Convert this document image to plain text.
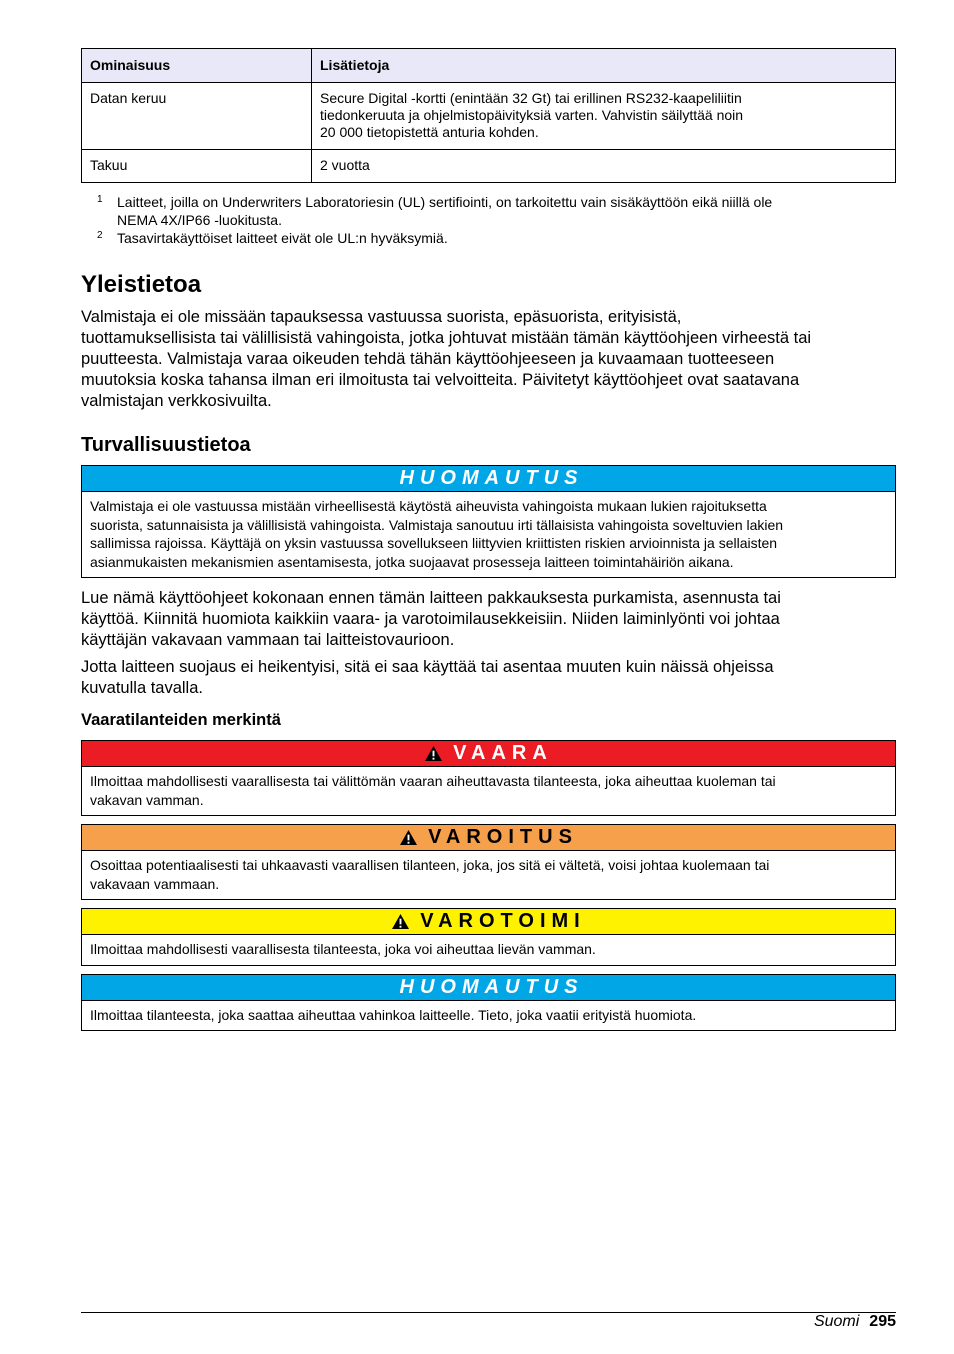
Ominaisuus	Lisätietoja
Datan keruu	Secure Digital -kortti (enintään 32 Gt) tai erillinen RS232-kaapeliliitin
tiedonkeruuta ja ohjelmistopäivityksiä varten. Vahvistin säilyttää noin
20 000 tietopistettä anturia kohden.
Takuu	2 vuotta
1	Laitteet, joilla on Underwriters Laboratoriesin (UL) sertifiointi, on tarkoitettu vain sisäkäyttöön eikä niillä ole
NEMA 4X/IP66 -luokitusta.
2	Tasavirtakäyttöiset laitteet eivät ole UL:n hyväksymiä.
Yleistietoa

Valmistaja ei ole missään tapauksessa vastuussa suorista, epäsuorista, erityisistä,
tuottamuksellisista tai välillisistä vahingoista, jotka johtuvat mistään tämän käyttöohjeen virheestä tai
puutteesta. Valmistaja varaa oikeuden tehdä tähän käyttöohjeeseen ja kuvaamaan tuotteeseen
muutoksia koska tahansa ilman eri ilmoitusta tai velvoitteita. Päivitetyt käyttöohjeet ovat saatavana
valmistajan verkkosivuilta.

Turvallisuustietoa
HUOMAUTUS
Valmistaja ei ole vastuussa mistään virheellisestä käytöstä aiheuvista vahingoista mukaan lukien rajoituksetta
suorista, satunnaisista ja välillisistä vahingoista. Valmistaja sanoutuu irti tällaisista vahingoista soveltuvien lakien
sallimissa rajoissa. Käyttäjä on yksin vastuussa sovellukseen liittyvien kriittisten riskien arvioinnista ja sellaisten
asianmukaisten mekanismien asentamisesta, jotka suojaavat prosesseja laitteen toimintahäiriön aikana.

Lue nämä käyttöohjeet kokonaan ennen tämän laitteen pakkauksesta purkamista, asennusta tai
käyttöä. Kiinnitä huomiota kaikkiin vaara- ja varotoimilausekkeisiin. Niiden laiminlyönti voi johtaa
käyttäjän vakavaan vammaan tai laitteistovaurioon.

Jotta laitteen suojaus ei heikentyisi, sitä ei saa käyttää tai asentaa muuten kuin näissä ohjeissa
kuvatulla tavalla.

Vaaratilanteiden merkintä
VAARA
Ilmoittaa mahdollisesti vaarallisesta tai välittömän vaaran aiheuttavasta tilanteesta, joka aiheuttaa kuoleman tai
vakavan vamman.
VAROITUS
Osoittaa potentiaalisesti tai uhkaavasti vaarallisen tilanteen, joka, jos sitä ei vältetä, voisi johtaa kuolemaan tai
vakavaan vammaan.
VAROTOIMI
Ilmoittaa mahdollisesti vaarallisesta tilanteesta, joka voi aiheuttaa lievän vamman.
HUOMAUTUS
Ilmoittaa tilanteesta, joka saattaa aiheuttaa vahinkoa laitteelle. Tieto, joka vaatii erityistä huomiota.
Suomi 295
